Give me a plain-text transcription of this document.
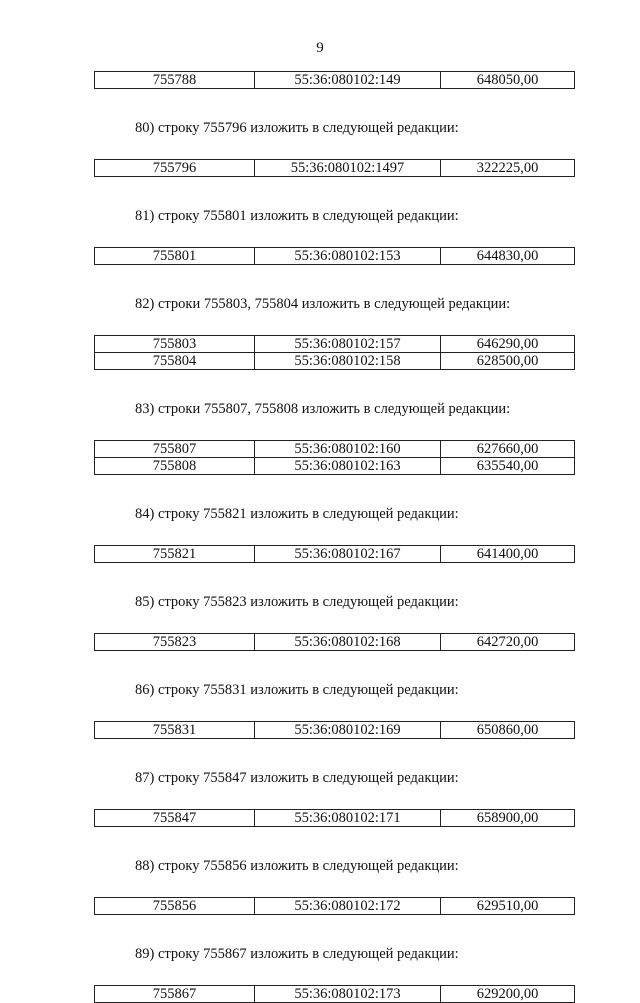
9
755788	55:36:080102:149	648050,00

80) строку 755796 изложить в следующей редакции:

755796	55:36:080102:1497	322225,00

81) строку 755801 изложить в следующей редакции:

755801	55:36:080102:153	644830,00

82) строки 755803, 755804 изложить в следующей редакции:

755803	55:36:080102:157	646290,00
755804	55:36:080102:158	628500,00

83) строки 755807, 755808 изложить в следующей редакции:

755807	55:36:080102:160	627660,00
755808	55:36:080102:163	635540,00

84) строку 755821 изложить в следующей редакции:

755821	55:36:080102:167	641400,00

85) строку 755823 изложить в следующей редакции:

755823	55:36:080102:168	642720,00

86) строку 755831 изложить в следующей редакции:

755831	55:36:080102:169	650860,00

87) строку 755847 изложить в следующей редакции:

755847	55:36:080102:171	658900,00

88) строку 755856 изложить в следующей редакции:

755856	55:36:080102:172	629510,00

89) строку 755867 изложить в следующей редакции:

755867	55:36:080102:173	629200,00
